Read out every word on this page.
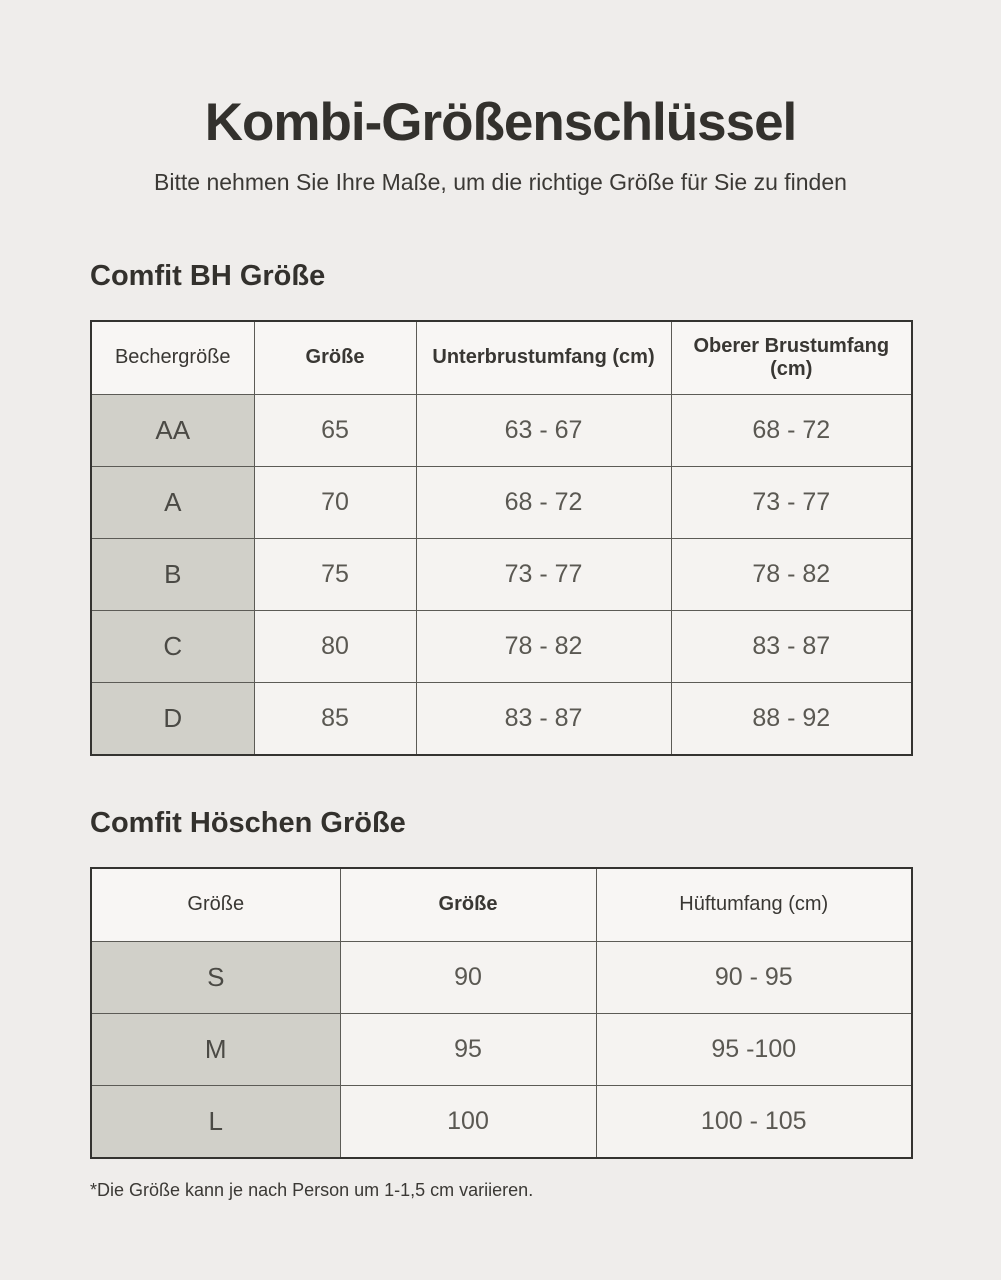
Kombi-Größenschlüssel

Bitte nehmen Sie Ihre Maße, um die richtige Größe für Sie zu finden

Comfit BH Größe
Bechergröße	Größe	Unterbrustumfang (cm)	Oberer Brustumfang (cm)
AA	65	63 - 67	68 - 72
A	70	68 - 72	73 - 77
B	75	73 - 77	78 - 82
C	80	78 - 82	83 - 87
D	85	83 - 87	88 - 92
Comfit Höschen Größe
Größe	Größe	Hüftumfang (cm)
S	90	90 - 95
M	95	95 -100
L	100	100 - 105

*Die Größe kann je nach Person um 1-1,5 cm variieren.
